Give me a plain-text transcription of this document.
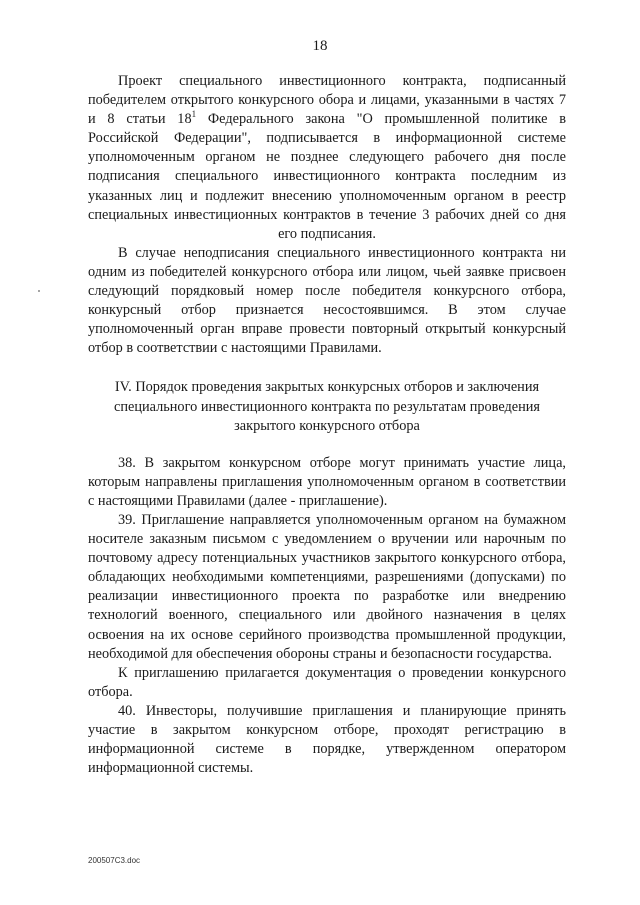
18

Проект специального инвестиционного контракта, подписанный победителем открытого конкурсного обора и лицами, указанными в частях 7 и 8 статьи $18^1$ Федерального закона "О промышленной политике в Российской Федерации", подписывается в информационной системе уполномоченным органом не позднее следующего рабочего дня после подписания специального инвестиционного контракта последним из указанных лиц и подлежит внесению уполномоченным органом в реестр специальных инвестиционных контрактов в течение 3 рабочих дней со дня его подписания.

В случае неподписания специального инвестиционного контракта ни одним из победителей конкурсного отбора или лицом, чьей заявке присвоен следующий порядковый номер после победителя конкурсного отбора, конкурсный отбор признается несостоявшимся. В этом случае уполномоченный орган вправе провести повторный открытый конкурсный отбор в соответствии с настоящими Правилами.

IV. Порядок проведения закрытых конкурсных отборов и заключения специального инвестиционного контракта по результатам проведения закрытого конкурсного отбора

38. В закрытом конкурсном отборе могут принимать участие лица, которым направлены приглашения уполномоченным органом в соответствии с настоящими Правилами (далее - приглашение).

39. Приглашение направляется уполномоченным органом на бумажном носителе заказным письмом с уведомлением о вручении или нарочным по почтовому адресу потенциальных участников закрытого конкурсного отбора, обладающих необходимыми компетенциями, разрешениями (допусками) по реализации инвестиционного проекта по разработке или внедрению технологий военного, специального или двойного назначения в целях освоения на их основе серийного производства промышленной продукции, необходимой для обеспечения обороны страны и безопасности государства.

К приглашению прилагается документация о проведении конкурсного отбора.

40. Инвесторы, получившие приглашения и планирующие принять участие в закрытом конкурсном отборе, проходят регистрацию в информационной системе в порядке, утвержденном оператором информационной системы.

200507C3.doc
